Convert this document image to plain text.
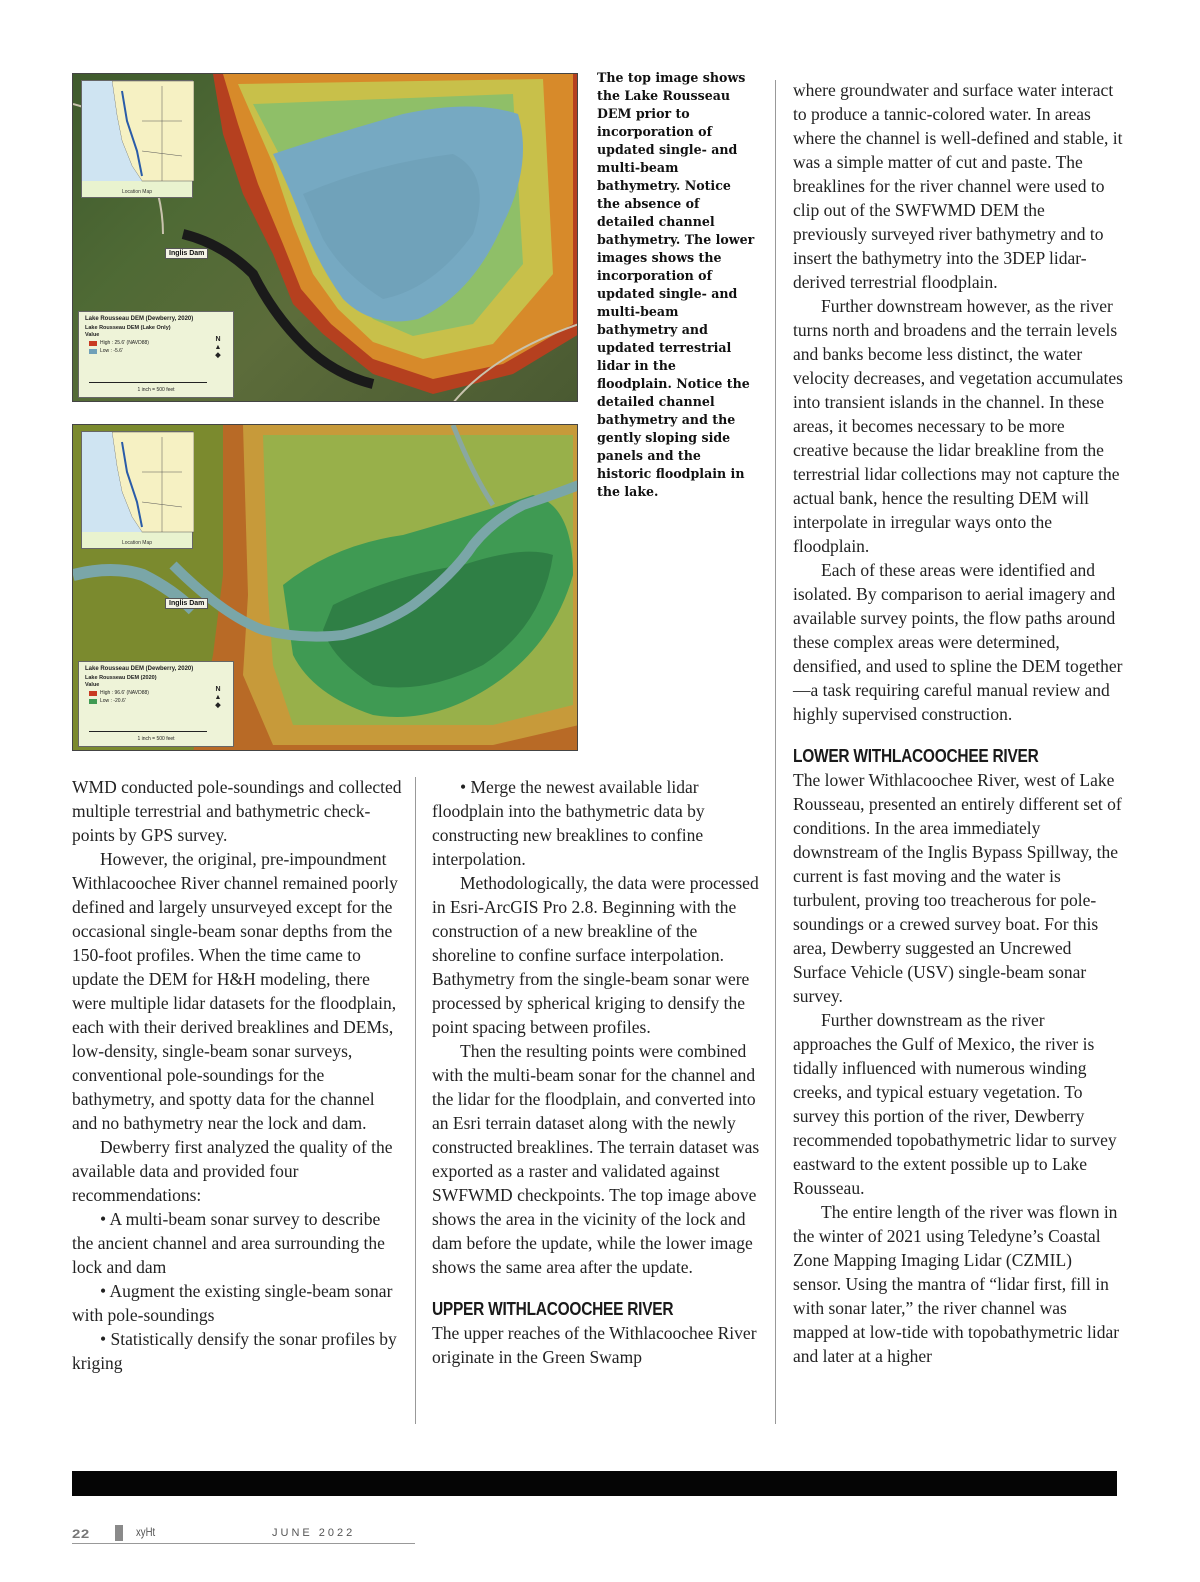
Location Map
Inglis Dam
Lake Rousseau DEM (Dewberry, 2020)
Lake Rousseau DEM (Lake Only)
Value
High : 25.6' (NAVD88)
Low : -5.6'
N
▲
◆
1 inch = 500 feet
Location Map
Inglis Dam
Lake Rousseau DEM (Dewberry, 2020)
Lake Rousseau DEM (2020)
Value
High : 96.6' (NAVD88)
Low : -20.6'
N
▲
◆
1 inch = 500 feet
The top image shows the Lake Rousseau DEM prior to incorporation of updated single- and multi-beam bathymetry. Notice the absence of detailed channel bathymetry. The lower images shows the incorporation of updated single- and multi-beam bathymetry and updated terrestrial lidar in the floodplain. Notice the detailed channel bathymetry and the gently sloping side panels and the historic floodplain in the lake.

WMD conducted pole-soundings and collected multiple terrestrial and bathymetric check-points by GPS survey.

However, the original, pre-impoundment Withlacoochee River channel remained poorly defined and largely unsurveyed except for the occasional single-beam sonar depths from the 150-foot profiles. When the time came to update the DEM for H&H modeling, there were multiple lidar datasets for the floodplain, each with their derived breaklines and DEMs, low-density, single-beam sonar surveys, conventional pole-soundings for the bathymetry, and spotty data for the channel and no bathymetry near the lock and dam.

Dewberry first analyzed the quality of the available data and provided four recommendations:

• A multi-beam sonar survey to describe the ancient channel and area surrounding the lock and dam

• Augment the existing single-beam sonar with pole-soundings

• Statistically densify the sonar profiles by kriging

• Merge the newest available lidar floodplain into the bathymetric data by constructing new breaklines to confine interpolation.

Methodologically, the data were processed in Esri-ArcGIS Pro 2.8. Beginning with the construction of a new breakline of the shoreline to confine surface interpolation. Bathymetry from the single-beam sonar were processed by spherical kriging to densify the point spacing between profiles.

Then the resulting points were combined with the multi-beam sonar for the channel and the lidar for the floodplain, and converted into an Esri terrain dataset along with the newly constructed breaklines. The terrain dataset was exported as a raster and validated against SWFWMD checkpoints. The top image above shows the area in the vicinity of the lock and dam before the update, while the lower image shows the same area after the update.

UPPER WITHLACOOCHEE RIVER

The upper reaches of the Withlacoochee River originate in the Green Swamp

where groundwater and surface water interact to produce a tannic-colored water. In areas where the channel is well-defined and stable, it was a simple matter of cut and paste. The breaklines for the river channel were used to clip out of the SWFWMD DEM the previously surveyed river bathymetry and to insert the bathymetry into the 3DEP lidar-derived terrestrial floodplain.

Further downstream however, as the river turns north and broadens and the terrain levels and banks become less distinct, the water velocity decreases, and vegetation accumulates into transient islands in the channel. In these areas, it becomes necessary to be more creative because the lidar breakline from the terrestrial lidar collections may not capture the actual bank, hence the resulting DEM will interpolate in irregular ways onto the floodplain.

Each of these areas were identified and isolated. By comparison to aerial imagery and available survey points, the flow paths around these complex areas were determined, densified, and used to spline the DEM together—a task requiring careful manual review and highly supervised construction.

LOWER WITHLACOOCHEE RIVER

The lower Withlacoochee River, west of Lake Rousseau, presented an entirely different set of conditions. In the area immediately downstream of the Inglis Bypass Spillway, the current is fast moving and the water is turbulent, proving too treacherous for pole-soundings or a crewed survey boat. For this area, Dewberry suggested an Uncrewed Surface Vehicle (USV) single-beam sonar survey.

Further downstream as the river approaches the Gulf of Mexico, the river is tidally influenced with numerous winding creeks, and typical estuary vegetation. To survey this portion of the river, Dewberry recommended topobathymetric lidar to survey eastward to the extent possible up to Lake Rousseau.

The entire length of the river was flown in the winter of 2021 using Teledyne’s Coastal Zone Mapping Imaging Lidar (CZMIL) sensor. Using the mantra of “lidar first, fill in with sonar later,” the river channel was mapped at low-tide with topobathymetric lidar and later at a higher

22	xyHt	JUNE 2022
